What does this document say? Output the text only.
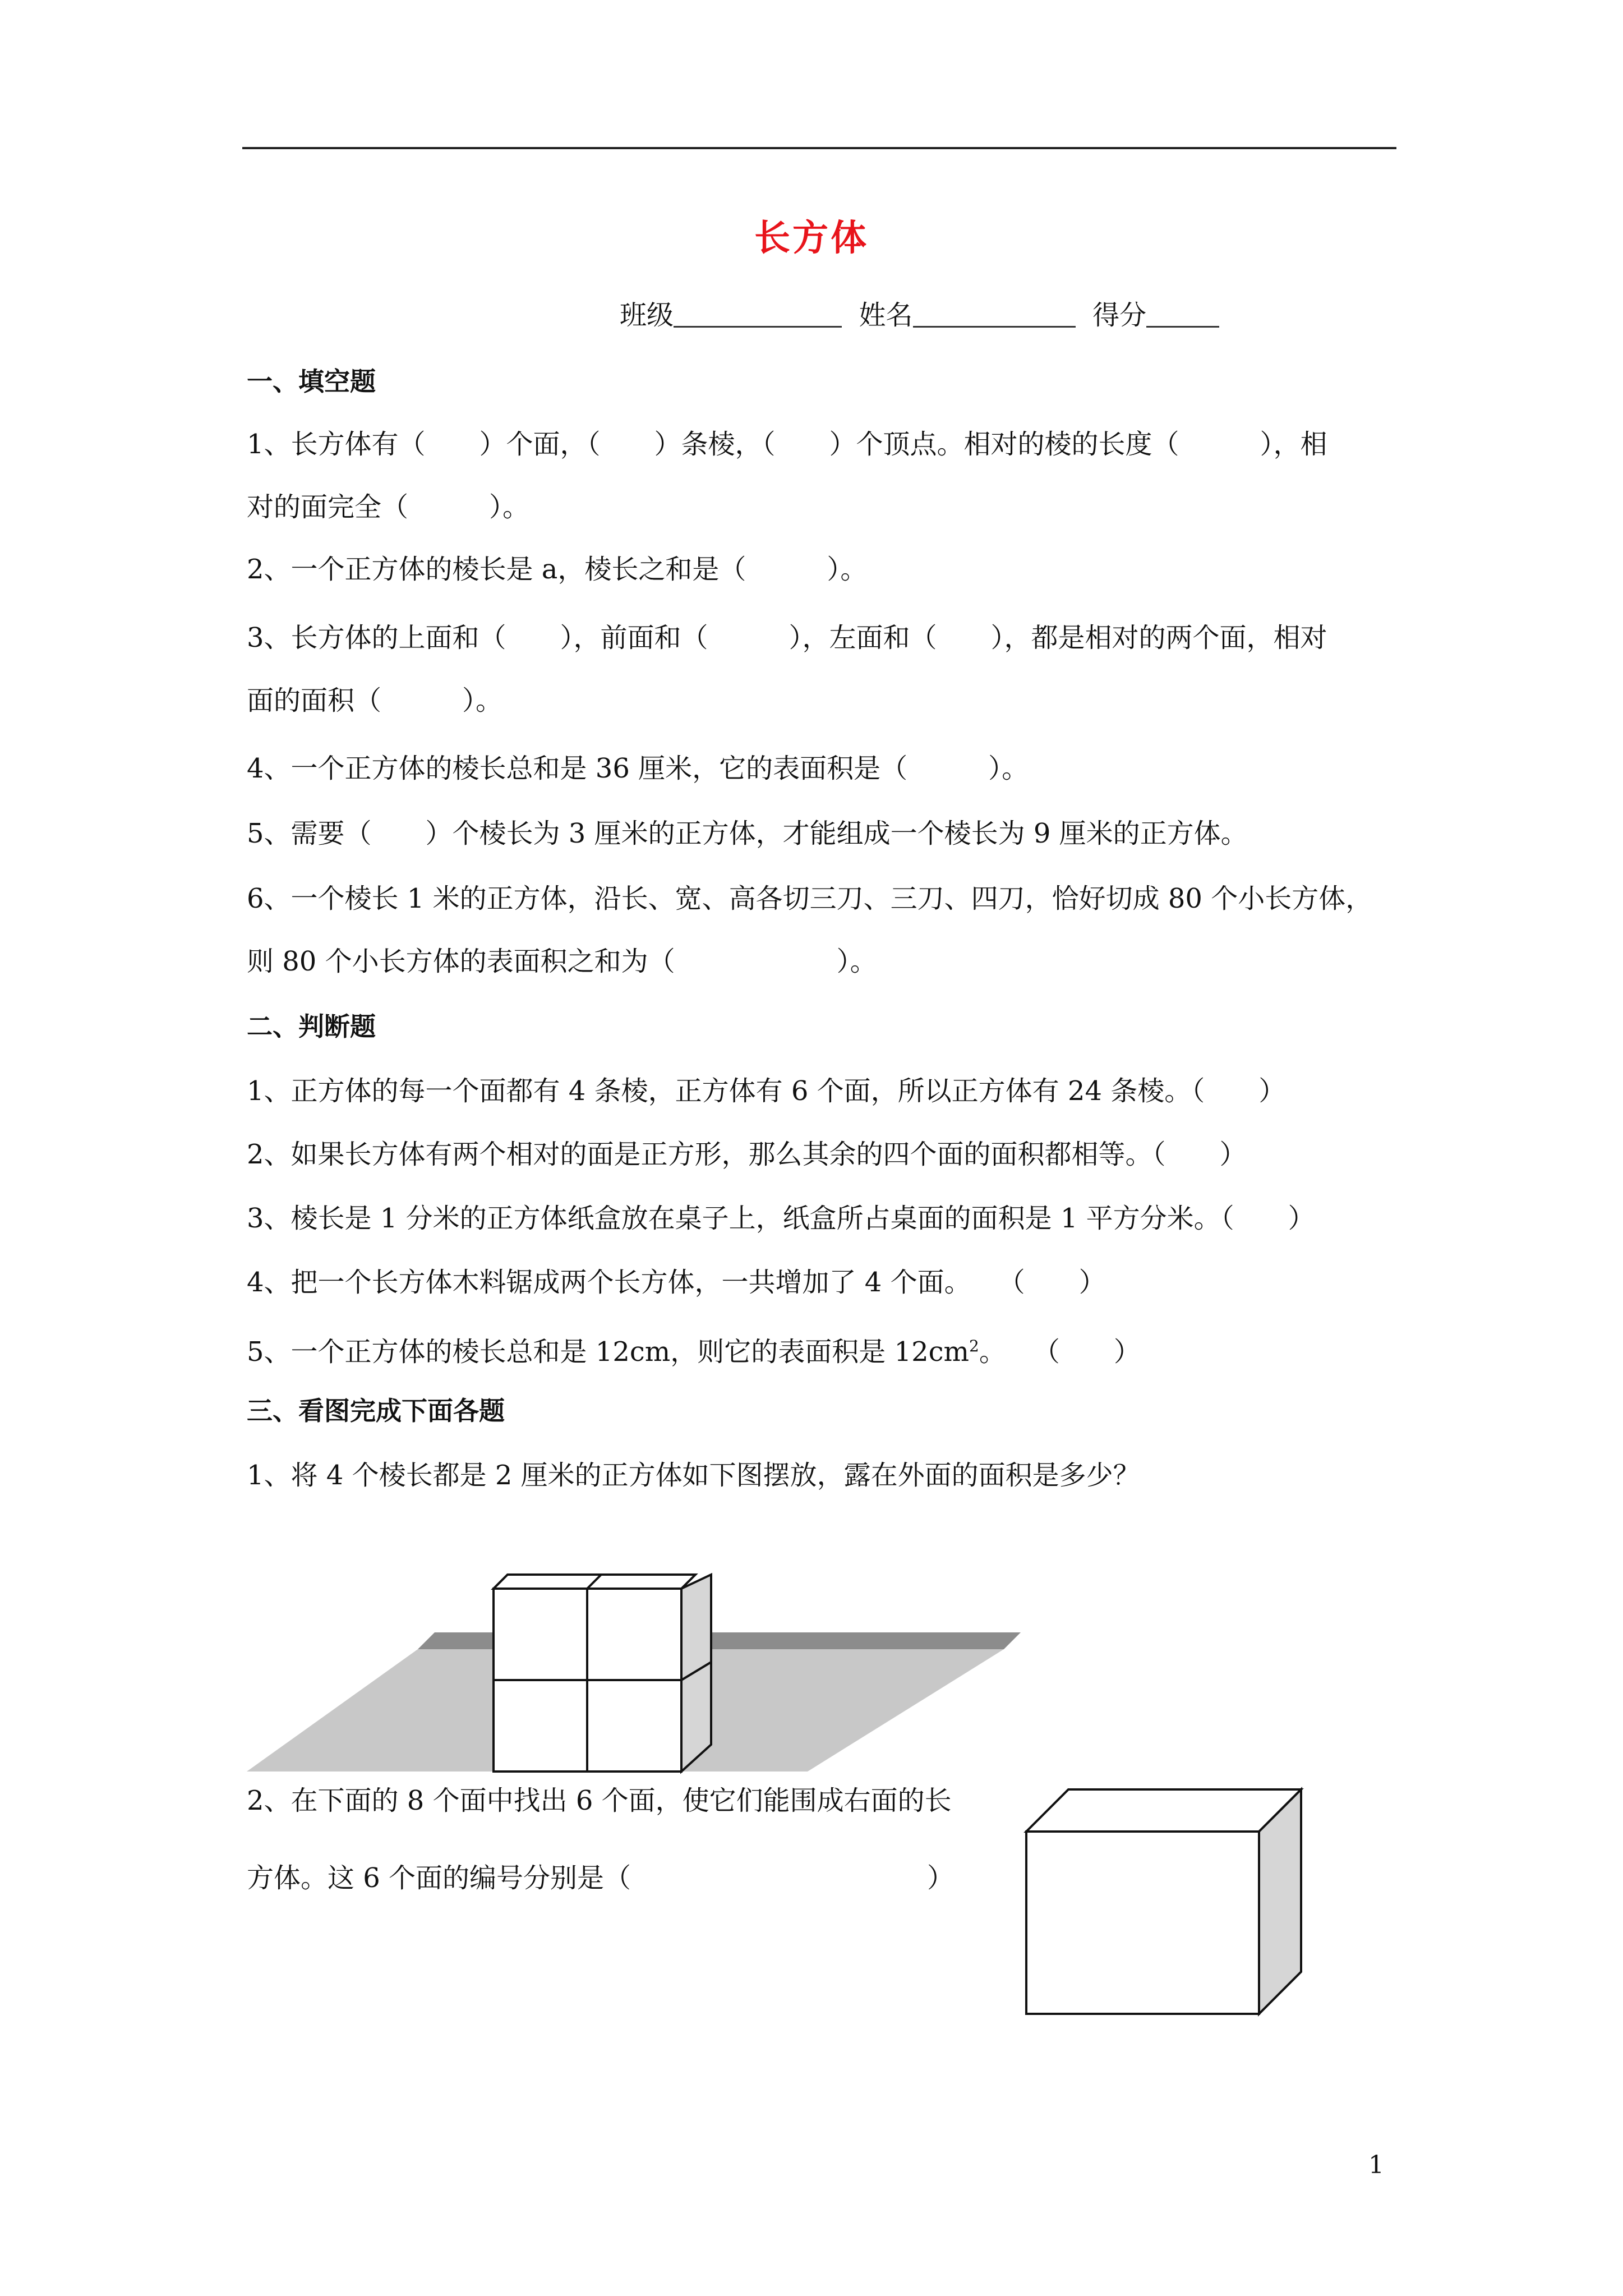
长方体
班级	姓名	得分
一、填空题
1、长方体有（　　）个面，（　　）条棱，（　　）个顶点。相对的棱的长度（　　　），相
对的面完全（　　　）。
2、一个正方体的棱长是 a，棱长之和是（　　　）。
3、长方体的上面和（　　），前面和（　　　），左面和（　　），都是相对的两个面，相对
面的面积（　　　）。
4、一个正方体的棱长总和是 36 厘米，它的表面积是（　　　）。
5、需要（　　）个棱长为 3 厘米的正方体，才能组成一个棱长为 9 厘米的正方体。
6、一个棱长 1 米的正方体，沿长、宽、高各切三刀、三刀、四刀，恰好切成 80 个小长方体，
则 80 个小长方体的表面积之和为（　　　　　　）。
二、判断题
1、正方体的每一个面都有 4 条棱，正方体有 6 个面，所以正方体有 24 条棱。（　　）
2、如果长方体有两个相对的面是正方形，那么其余的四个面的面积都相等。（　　）
3、棱长是 1 分米的正方体纸盒放在桌子上，纸盒所占桌面的面积是 1 平方分米。（　　）
4、把一个长方体木料锯成两个长方体，一共增加了 4 个面。　　（　　）
5、一个正方体的棱长总和是 12cm，则它的表面积是 $12cm^2$。　　（　　）
三、看图完成下面各题
1、将 4 个棱长都是 2 厘米的正方体如下图摆放，露在外面的面积是多少？
2、在下面的 8 个面中找出 6 个面，使它们能围成右面的长
方体。这 6 个面的编号分别是（　　　　　　　　　　　）
1
